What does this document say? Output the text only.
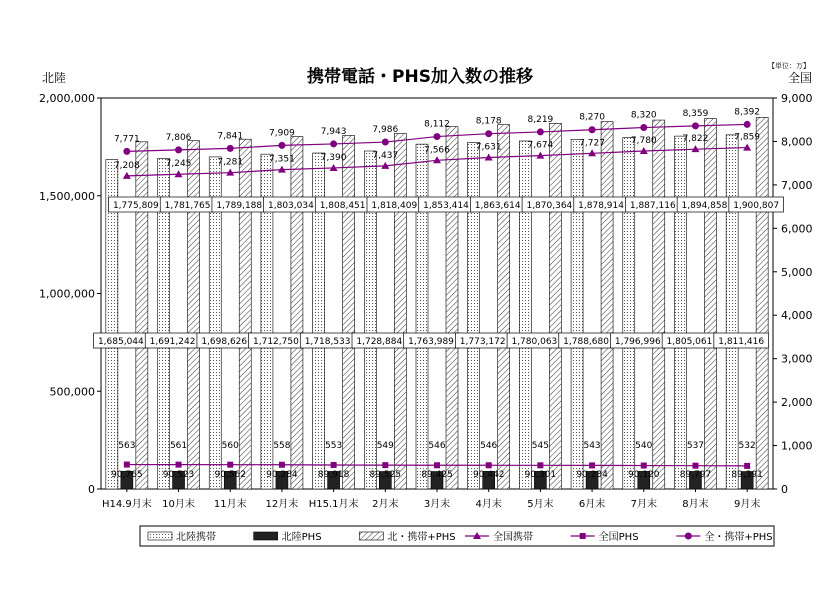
携帯電話・PHS加入数の推移
【単位：万】
北陸	全国
0
500,000
1,000,000
1,500,000
2,000,000
0
1,000
2,000
3,000
4,000
5,000
6,000
7,000
8,000
9,000
1,685,044
1,775,809
90,765
1,691,242
1,781,765
90,523
1,698,626
1,789,188
90,562
1,712,750
1,803,034
90,284
1,718,533
1,808,451
89,918
1,728,884
1,818,409
89,525
1,763,989
1,853,414
89,425
1,773,172
1,863,614
90,442
1,780,063
1,870,364
90,301
1,788,680
1,878,914
90,234
1,796,996
1,887,116
90,120
1,805,061
1,894,858
89,797
1,811,416
1,900,807
89,391
7,208
7,771
563
7,245
7,806
561
7,281
7,841
560
7,351
7,909
558
7,390
7,943
553
7,437
7,986
549
7,566
8,112
546
7,631
8,178
546
7,674
8,219
545
7,727
8,270
543
7,780
8,320
540
7,822
8,359
537
7,859
8,392
532
H14.9月末 10月末 11月末 12月末 H15.1月末 2月末	3月末	4月末	5月末	6月末	7月末	8月末	9月末
北陸携帯	北陸PHS	北・携帯+PHS	全国携帯	全国PHS	全・携帯+PHS
